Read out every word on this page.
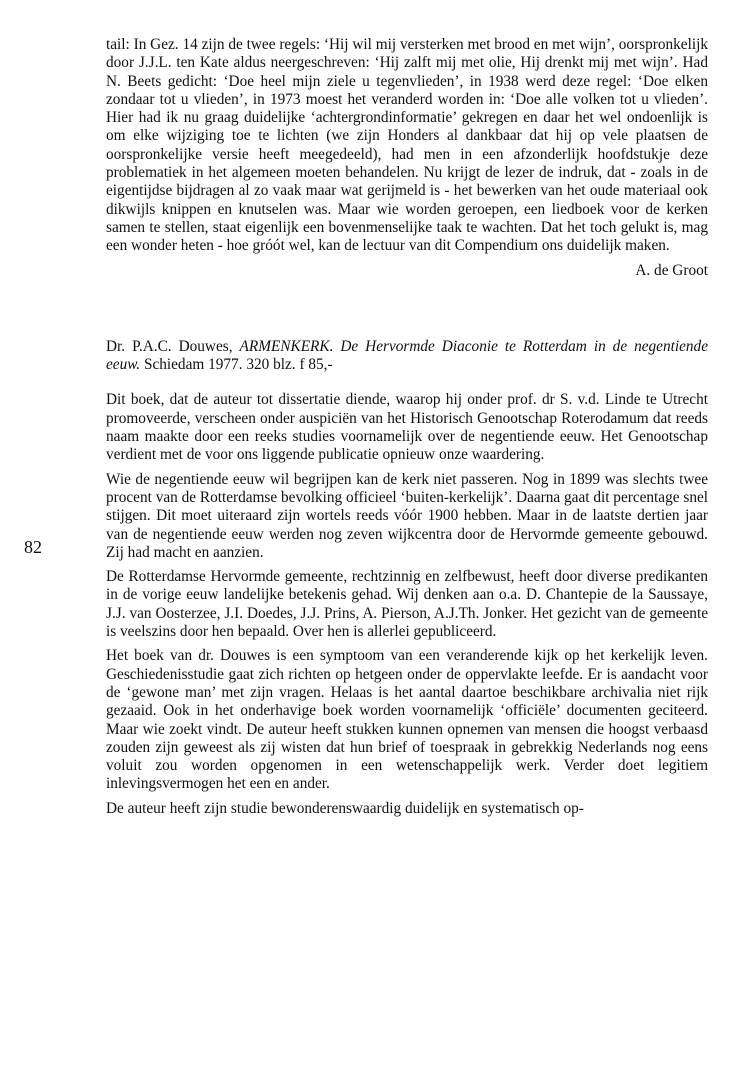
82

tail: In Gez. 14 zijn de twee regels: ‘Hij wil mij versterken met brood en met wijn’, oorspronkelijk door J.J.L. ten Kate aldus neergeschreven: ‘Hij zalft mij met olie, Hij drenkt mij met wijn’. Had N. Beets gedicht: ‘Doe heel mijn ziele u tegenvlieden’, in 1938 werd deze regel: ‘Doe elken zondaar tot u vlieden’, in 1973 moest het veranderd worden in: ‘Doe alle volken tot u vlieden’. Hier had ik nu graag duidelijke ‘achtergrondinformatie’ gekregen en daar het wel ondoenlijk is om elke wijziging toe te lichten (we zijn Honders al dankbaar dat hij op vele plaatsen de oorspronkelijke versie heeft meegedeeld), had men in een afzonderlijk hoofdstukje deze problematiek in het algemeen moeten behandelen. Nu krijgt de lezer de indruk, dat - zoals in de eigentijdse bijdragen al zo vaak maar wat gerijmeld is - het bewerken van het oude materiaal ook dikwijls knippen en knutselen was. Maar wie worden geroepen, een liedboek voor de kerken samen te stellen, staat eigenlijk een bovenmenselijke taak te wachten. Dat het toch gelukt is, mag een wonder heten - hoe gróót wel, kan de lectuur van dit Compendium ons duidelijk maken.

A. de Groot

Dr. P.A.C. Douwes, ARMENKERK. De Hervormde Diaconie te Rotterdam in de negentiende eeuw. Schiedam 1977. 320 blz. f 85,-

Dit boek, dat de auteur tot dissertatie diende, waarop hij onder prof. dr S. v.d. Linde te Utrecht promoveerde, verscheen onder auspiciën van het Historisch Genootschap Roterodamum dat reeds naam maakte door een reeks studies voornamelijk over de negentiende eeuw. Het Genootschap verdient met de voor ons liggende publicatie opnieuw onze waardering.

Wie de negentiende eeuw wil begrijpen kan de kerk niet passeren. Nog in 1899 was slechts twee procent van de Rotterdamse bevolking officieel ‘buiten-kerkelijk’. Daarna gaat dit percentage snel stijgen. Dit moet uiteraard zijn wortels reeds vóór 1900 hebben. Maar in de laatste dertien jaar van de negentiende eeuw werden nog zeven wijkcentra door de Hervormde gemeente gebouwd. Zij had macht en aanzien.

De Rotterdamse Hervormde gemeente, rechtzinnig en zelfbewust, heeft door diverse predikanten in de vorige eeuw landelijke betekenis gehad. Wij denken aan o.a. D. Chantepie de la Saussaye, J.J. van Oosterzee, J.I. Doedes, J.J. Prins, A. Pierson, A.J.Th. Jonker. Het gezicht van de gemeente is veelszins door hen bepaald. Over hen is allerlei gepubliceerd.

Het boek van dr. Douwes is een symptoom van een veranderende kijk op het kerkelijk leven. Geschiedenisstudie gaat zich richten op hetgeen onder de oppervlakte leefde. Er is aandacht voor de ‘gewone man’ met zijn vragen. Helaas is het aantal daartoe beschikbare archivalia niet rijk gezaaid. Ook in het onderhavige boek worden voornamelijk ‘officiële’ documenten geciteerd. Maar wie zoekt vindt. De auteur heeft stukken kunnen opnemen van mensen die hoogst verbaasd zouden zijn geweest als zij wisten dat hun brief of toespraak in gebrekkig Nederlands nog eens voluit zou worden opgenomen in een wetenschappelijk werk. Verder doet legitiem inlevingsvermogen het een en ander.

De auteur heeft zijn studie bewonderenswaardig duidelijk en systematisch op-
